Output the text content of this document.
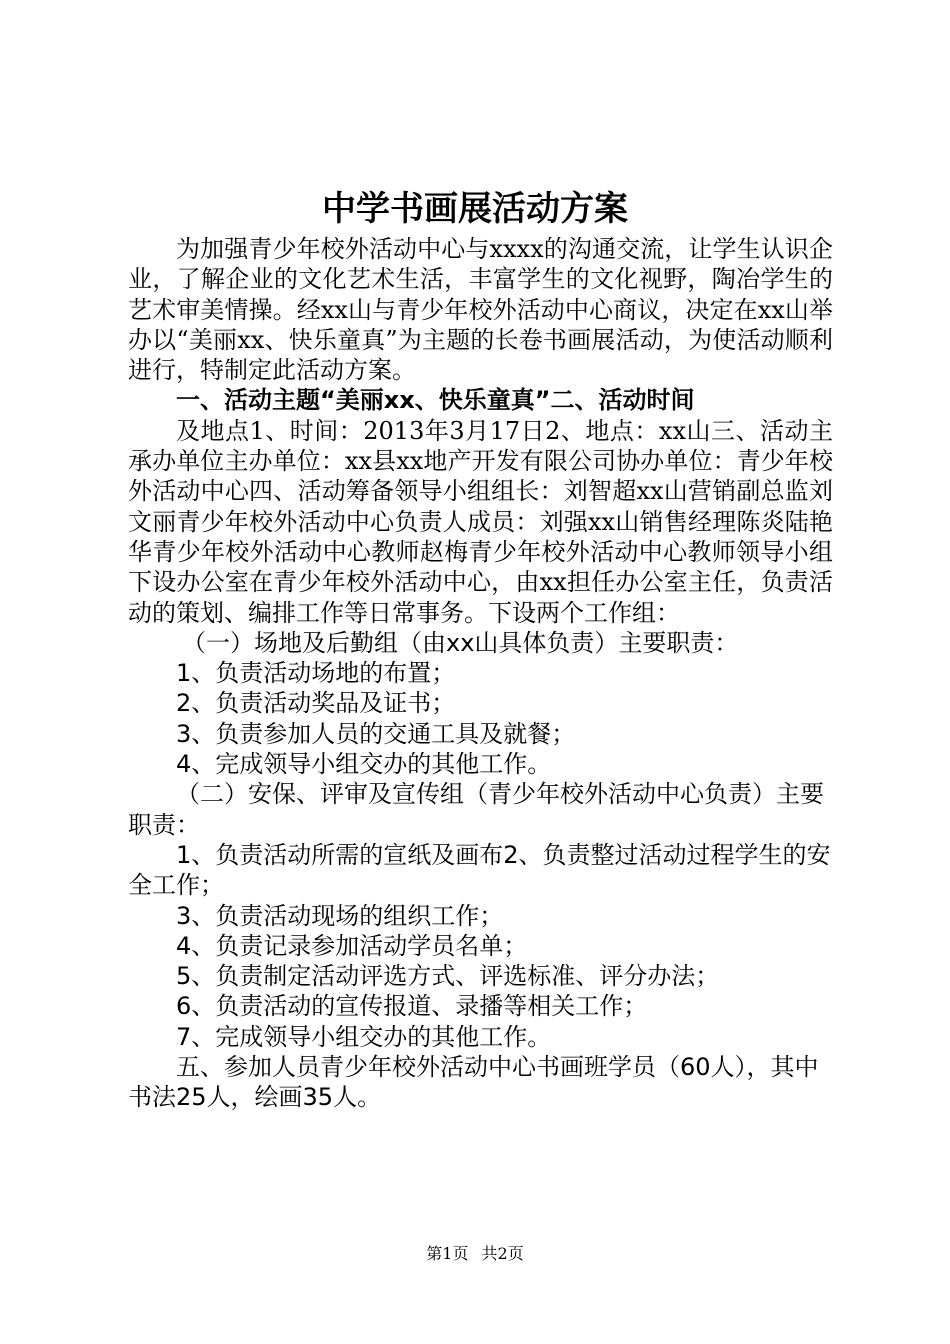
中学书画展活动方案

为加强青少年校外活动中心与xxxx的沟通交流，让学生认识企业，了解企业的文化艺术生活，丰富学生的文化视野，陶冶学生的艺术审美情操。经xx山与青少年校外活动中心商议，决定在xx山举办以“美丽xx、快乐童真”为主题的长卷书画展活动，为使活动顺利进行，特制定此活动方案。

一、活动主题“美丽xx、快乐童真”二、活动时间

及地点1、时间：2013年3月17日2、地点：xx山三、活动主承办单位主办单位：xx县xx地产开发有限公司协办单位：青少年校外活动中心四、活动筹备领导小组组长：刘智超xx山营销副总监刘文丽青少年校外活动中心负责人成员：刘强xx山销售经理陈炎陆艳华青少年校外活动中心教师赵梅青少年校外活动中心教师领导小组下设办公室在青少年校外活动中心，由xx担任办公室主任，负责活动的策划、编排工作等日常事务。下设两个工作组：

（一）场地及后勤组（由xx山具体负责）主要职责：

1、负责活动场地的布置；

2、负责活动奖品及证书；

3、负责参加人员的交通工具及就餐；

4、完成领导小组交办的其他工作。

（二）安保、评审及宣传组（青少年校外活动中心负责）主要职责：

1、负责活动所需的宣纸及画布2、负责整过活动过程学生的安全工作；

3、负责活动现场的组织工作；

4、负责记录参加活动学员名单；

5、负责制定活动评选方式、评选标准、评分办法；

6、负责活动的宣传报道、录播等相关工作；

7、完成领导小组交办的其他工作。

五、参加人员青少年校外活动中心书画班学员（60人），其中书法25人，绘画35人。

第1页 共2页
